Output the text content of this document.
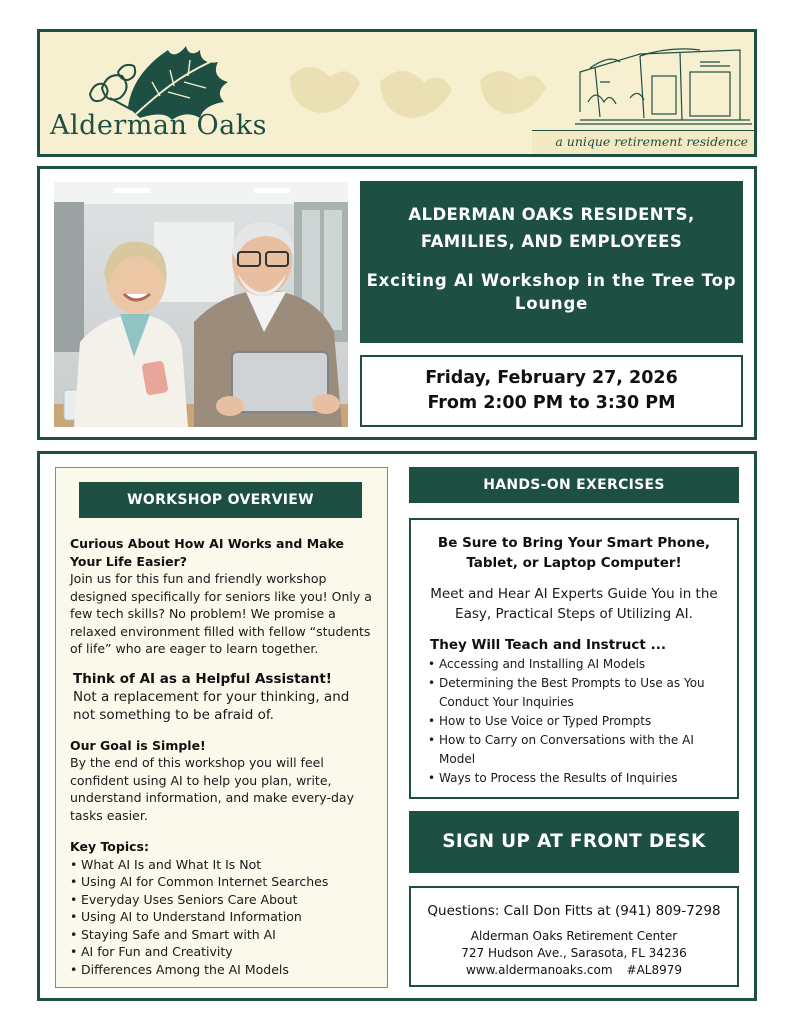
Alderman Oaks
a unique retirement residence
ALDERMAN OAKS RESIDENTS,
FAMILIES, AND EMPLOYEES
Exciting AI Workshop in the Tree Top Lounge
Friday, February 27, 2026
From 2:00 PM to 3:30 PM
WORKSHOP OVERVIEW
Curious About How AI Works and Make Your Life Easier?
Join us for this fun and friendly workshop designed specifically for seniors like you! Only a few tech skills? No problem! We promise a relaxed environment filled with fellow “students of life” who are eager to learn together.
Think of AI as a Helpful Assistant!
Not a replacement for your thinking, and not something to be afraid of.
Our Goal is Simple!
By the end of this workshop you will feel confident using AI to help you plan, write, understand information, and make every-day tasks easier.
Key Topics:
• What AI Is and What It Is Not
• Using AI for Common Internet Searches
• Everyday Uses Seniors Care About
• Using AI to Understand Information
• Staying Safe and Smart with AI
• AI for Fun and Creativity
• Differences Among the AI Models
HANDS-ON EXERCISES
Be Sure to Bring Your Smart Phone, Tablet, or Laptop Computer!
Meet and Hear AI Experts Guide You in the Easy, Practical Steps of Utilizing AI.
They Will Teach and Instruct ...
• Accessing and Installing AI Models
• Determining the Best Prompts to Use as You Conduct Your Inquiries
• How to Use Voice or Typed Prompts
• How to Carry on Conversations with the AI Model
• Ways to Process the Results of Inquiries
SIGN UP AT FRONT DESK
Questions: Call Don Fitts at (941) 809-7298
Alderman Oaks Retirement Center
727 Hudson Ave., Sarasota, FL 34236
www.aldermanoaks.com #AL8979
